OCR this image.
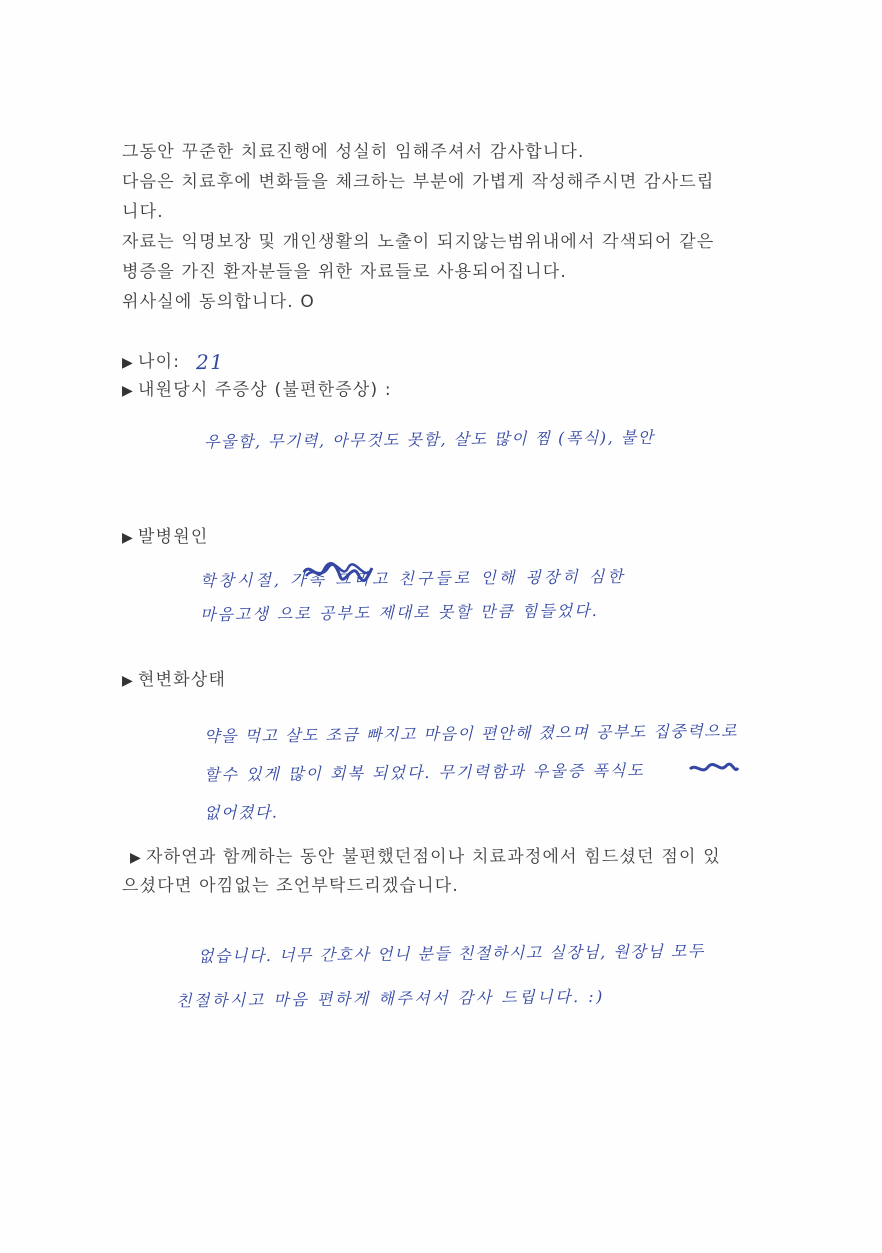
그동안 꾸준한 치료진행에 성실히 임해주셔서 감사합니다.
다음은 치료후에 변화들을 체크하는 부분에 가볍게 작성해주시면 감사드립
니다.
자료는 익명보장 및 개인생활의 노출이 되지않는범위내에서 각색되어 같은
병증을 가진 환자분들을 위한 자료들로 사용되어집니다.
위사실에 동의합니다. O
▶ 나이: 21
▶ 내원당시 주증상 (불편한증상) :
우울함, 무기력, 아무것도 못함, 살도 많이 찜 (폭식), 불안
▶ 발병원인
학창시절, 가족 그리고 친구들로 인해 굉장히 심한
마음고생 으로 공부도 제대로 못할 만큼 힘들었다.
▶ 현변화상태
약을 먹고 살도 조금 빠지고 마음이 편안해 졌으며 공부도 집중력으로
할수 있게 많이 회복 되었다. 무기력함과 우울증 폭식도
없어졌다.
▶ 자하연과 함께하는 동안 불편했던점이나 치료과정에서 힘드셨던 점이 있
으셨다면 아낌없는 조언부탁드리겠습니다.
없습니다. 너무 간호사 언니 분들 친절하시고 실장님, 원장님 모두
친절하시고 마음 편하게 해주셔서 감사 드립니다. :)
